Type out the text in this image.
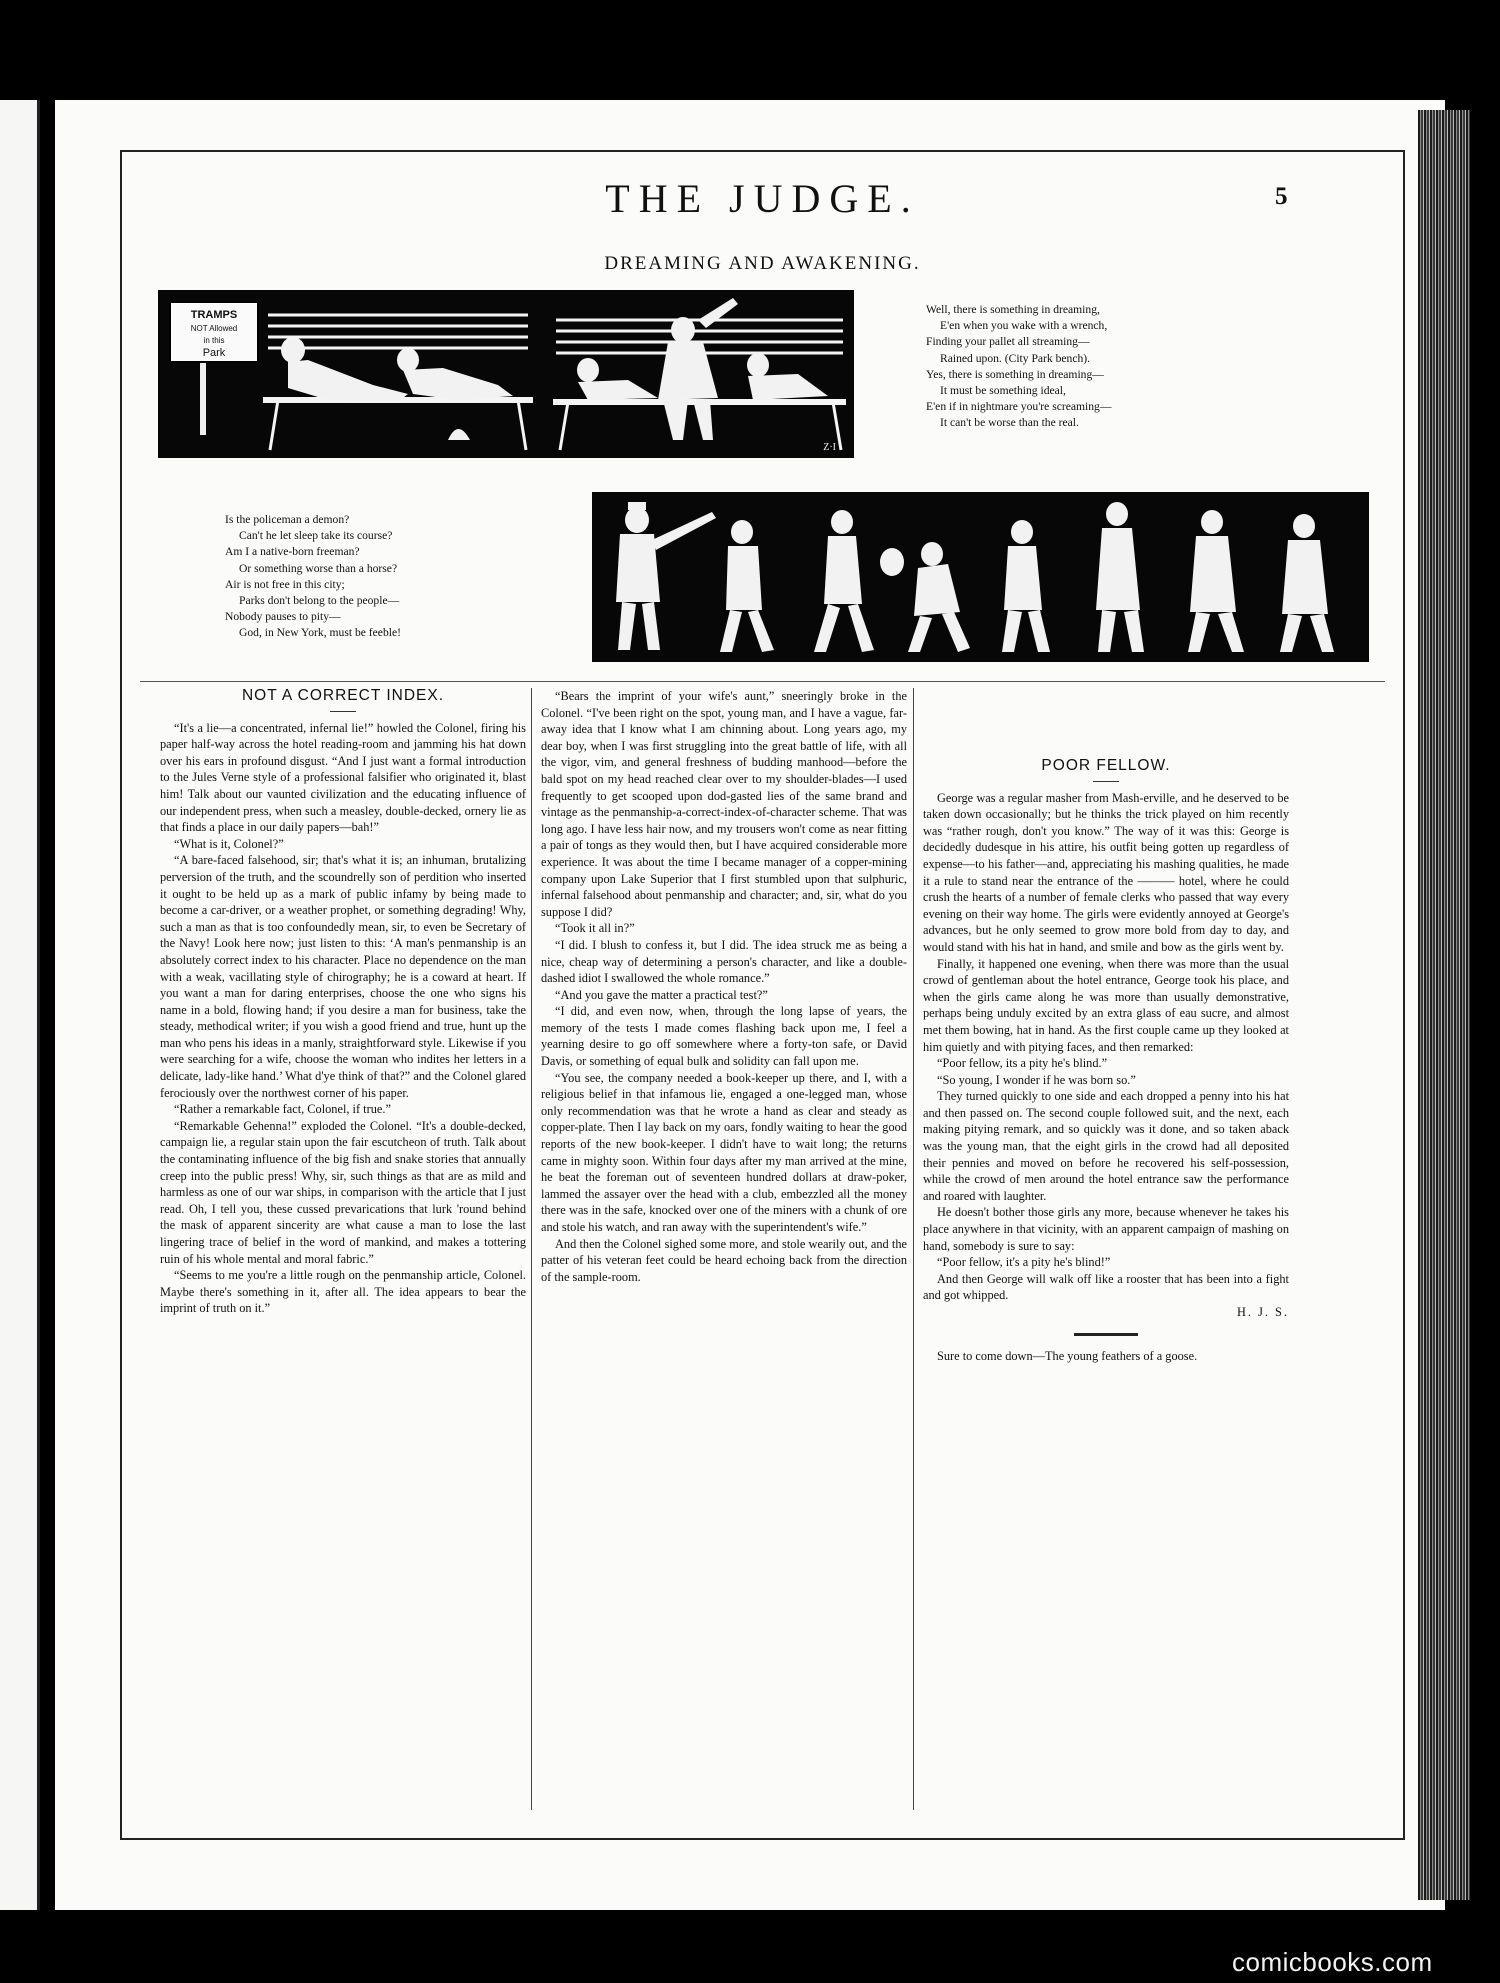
THE JUDGE.	5
DREAMING AND AWAKENING.
TRAMPS
NOT Allowed
in this
Park
Z·I
Well, there is something in dreaming,
E'en when you wake with a wrench,
Finding your pallet all streaming—
Rained upon. (City Park bench).
Yes, there is something in dreaming—
It must be something ideal,
E'en if in nightmare you're screaming—
It can't be worse than the real.
Is the policeman a demon?
Can't he let sleep take its course?
Am I a native-born freeman?
Or something worse than a horse?
Air is not free in this city;
Parks don't belong to the people—
Nobody pauses to pity—
God, in New York, must be feeble!
NOT A CORRECT INDEX.

“It's a lie—a concentrated, infernal lie!” howled the Colonel, firing his paper half-way across the hotel reading-room and jamming his hat down over his ears in profound disgust. “And I just want a formal introduction to the Jules Verne style of a professional falsifier who originated it, blast him! Talk about our vaunted civilization and the educating influence of our independent press, when such a measley, double-decked, ornery lie as that finds a place in our daily papers—bah!”

“What is it, Colonel?”

“A bare-faced falsehood, sir; that's what it is; an inhuman, brutalizing perversion of the truth, and the scoundrelly son of perdition who inserted it ought to be held up as a mark of public infamy by being made to become a car-driver, or a weather prophet, or something degrading! Why, such a man as that is too confoundedly mean, sir, to even be Secretary of the Navy! Look here now; just listen to this: ‘A man's penmanship is an absolutely correct index to his character. Place no dependence on the man with a weak, vacillating style of chirography; he is a coward at heart. If you want a man for daring enterprises, choose the one who signs his name in a bold, flowing hand; if you desire a man for business, take the steady, methodical writer; if you wish a good friend and true, hunt up the man who pens his ideas in a manly, straightforward style. Likewise if you were searching for a wife, choose the woman who indites her letters in a delicate, lady-like hand.’ What d'ye think of that?” and the Colonel glared ferociously over the northwest corner of his paper.

“Rather a remarkable fact, Colonel, if true.”

“Remarkable Gehenna!” exploded the Colonel. “It's a double-decked, campaign lie, a regular stain upon the fair escutcheon of truth. Talk about the contaminating influence of the big fish and snake stories that annually creep into the public press! Why, sir, such things as that are as mild and harmless as one of our war ships, in comparison with the article that I just read. Oh, I tell you, these cussed prevarications that lurk 'round behind the mask of apparent sincerity are what cause a man to lose the last lingering trace of belief in the word of mankind, and makes a tottering ruin of his whole mental and moral fabric.”

“Seems to me you're a little rough on the penmanship article, Colonel. Maybe there's something in it, after all. The idea appears to bear the imprint of truth on it.”

“Bears the imprint of your wife's aunt,” sneeringly broke in the Colonel. “I've been right on the spot, young man, and I have a vague, far-away idea that I know what I am chinning about. Long years ago, my dear boy, when I was first struggling into the great battle of life, with all the vigor, vim, and general freshness of budding manhood—before the bald spot on my head reached clear over to my shoulder-blades—I used frequently to get scooped upon dod-gasted lies of the same brand and vintage as the penmanship-a-correct-index-of-character scheme. That was long ago. I have less hair now, and my trousers won't come as near fitting a pair of tongs as they would then, but I have acquired considerable more experience. It was about the time I became manager of a copper-mining company upon Lake Superior that I first stumbled upon that sulphuric, infernal falsehood about penmanship and character; and, sir, what do you suppose I did?

“Took it all in?”

“I did. I blush to confess it, but I did. The idea struck me as being a nice, cheap way of determining a person's character, and like a double-dashed idiot I swallowed the whole romance.”

“And you gave the matter a practical test?”

“I did, and even now, when, through the long lapse of years, the memory of the tests I made comes flashing back upon me, I feel a yearning desire to go off somewhere where a forty-ton safe, or David Davis, or something of equal bulk and solidity can fall upon me.

“You see, the company needed a book-keeper up there, and I, with a religious belief in that infamous lie, engaged a one-legged man, whose only recommendation was that he wrote a hand as clear and steady as copper-plate. Then I lay back on my oars, fondly waiting to hear the good reports of the new book-keeper. I didn't have to wait long; the returns came in mighty soon. Within four days after my man arrived at the mine, he beat the foreman out of seventeen hundred dollars at draw-poker, lammed the assayer over the head with a club, embezzled all the money there was in the safe, knocked over one of the miners with a chunk of ore and stole his watch, and ran away with the superintendent's wife.”

And then the Colonel sighed some more, and stole wearily out, and the patter of his veteran feet could be heard echoing back from the direction of the sample-room.

POOR FELLOW.

George was a regular masher from Mash-erville, and he deserved to be taken down occasionally; but he thinks the trick played on him recently was “rather rough, don't you know.” The way of it was this: George is decidedly dudesque in his attire, his outfit being gotten up regardless of expense—to his father—and, appreciating his mashing qualities, he made it a rule to stand near the entrance of the ——— hotel, where he could crush the hearts of a number of female clerks who passed that way every evening on their way home. The girls were evidently annoyed at George's advances, but he only seemed to grow more bold from day to day, and would stand with his hat in hand, and smile and bow as the girls went by.

Finally, it happened one evening, when there was more than the usual crowd of gentleman about the hotel entrance, George took his place, and when the girls came along he was more than usually demonstrative, perhaps being unduly excited by an extra glass of eau sucre, and almost met them bowing, hat in hand. As the first couple came up they looked at him quietly and with pitying faces, and then remarked:

“Poor fellow, its a pity he's blind.”

“So young, I wonder if he was born so.”

They turned quickly to one side and each dropped a penny into his hat and then passed on. The second couple followed suit, and the next, each making pitying remark, and so quickly was it done, and so taken aback was the young man, that the eight girls in the crowd had all deposited their pennies and moved on before he recovered his self-possession, while the crowd of men around the hotel entrance saw the performance and roared with laughter.

He doesn't bother those girls any more, because whenever he takes his place anywhere in that vicinity, with an apparent campaign of mashing on hand, somebody is sure to say:

“Poor fellow, it's a pity he's blind!”

And then George will walk off like a rooster that has been into a fight and got whipped.

H. J. S.

Sure to come down—The young feathers of a goose.

comicbooks.com
